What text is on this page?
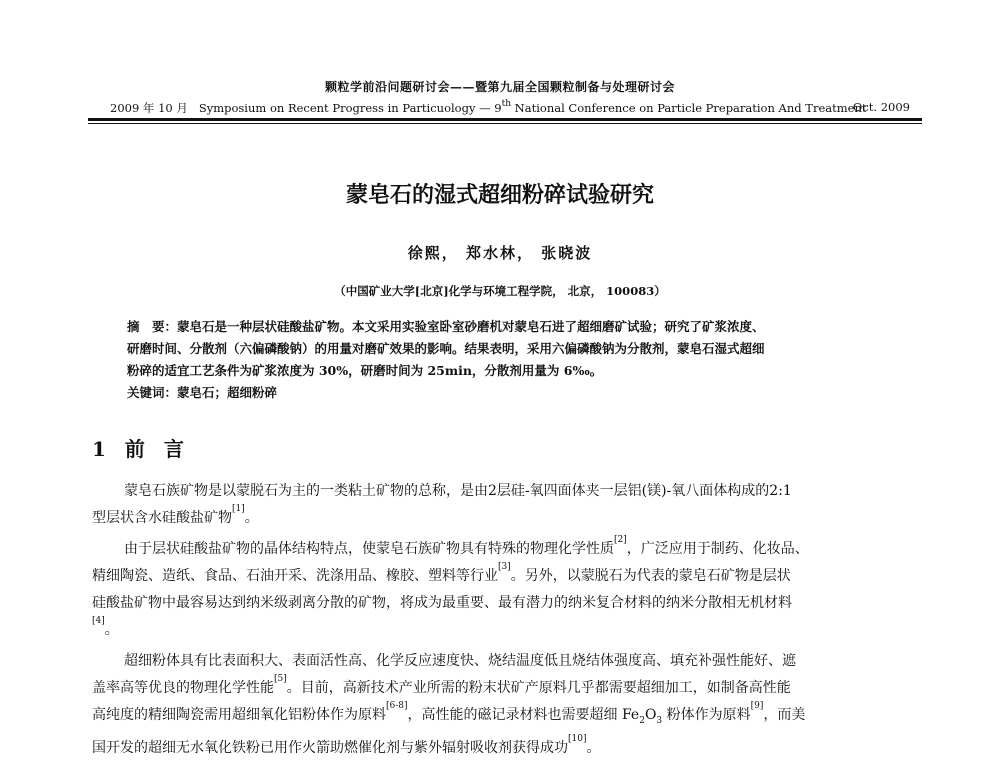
颗粒学前沿问题研讨会——暨第九届全国颗粒制备与处理研讨会
2009 年 10 月 Symposium on Recent Progress in Particuology — 9th National Conference on Particle Preparation And Treatment
Oct. 2009
蒙皂石的湿式超细粉碎试验研究
徐熙， 郑水林， 张晓波
（中国矿业大学[北京]化学与环境工程学院， 北京， 100083）
摘　要：蒙皂石是一种层状硅酸盐矿物。本文采用实验室卧室砂磨机对蒙皂石进了超细磨矿试验；研究了矿浆浓度、
研磨时间、分散剂（六偏磷酸钠）的用量对磨矿效果的影响。结果表明，采用六偏磷酸钠为分散剂，蒙皂石湿式超细
粉碎的适宜工艺条件为矿浆浓度为 30%，研磨时间为 25min，分散剂用量为 6‰。
关键词：蒙皂石；超细粉碎
1 前 言
蒙皂石族矿物是以蒙脱石为主的一类粘土矿物的总称，是由2层硅-氧四面体夹一层铝(镁)-氧八面体构成的2:1
型层状含水硅酸盐矿物[1]。
由于层状硅酸盐矿物的晶体结构特点，使蒙皂石族矿物具有特殊的物理化学性质[2]，广泛应用于制药、化妆品、
精细陶瓷、造纸、食品、石油开采、洗涤用品、橡胶、塑料等行业[3]。另外，以蒙脱石为代表的蒙皂石矿物是层状
硅酸盐矿物中最容易达到纳米级剥离分散的矿物，将成为最重要、最有潜力的纳米复合材料的纳米分散相无机材料
[4]。
超细粉体具有比表面积大、表面活性高、化学反应速度快、烧结温度低且烧结体强度高、填充补强性能好、遮
盖率高等优良的物理化学性能[5]。目前，高新技术产业所需的粉末状矿产原料几乎都需要超细加工，如制备高性能
高纯度的精细陶瓷需用超细氧化铝粉体作为原料[6-8]，高性能的磁记录材料也需要超细 $Fe_2O_3$ 粉体作为原料[9]，而美
国开发的超细无水氧化铁粉已用作火箭助燃催化剂与紫外辐射吸收剂获得成功[10]。
